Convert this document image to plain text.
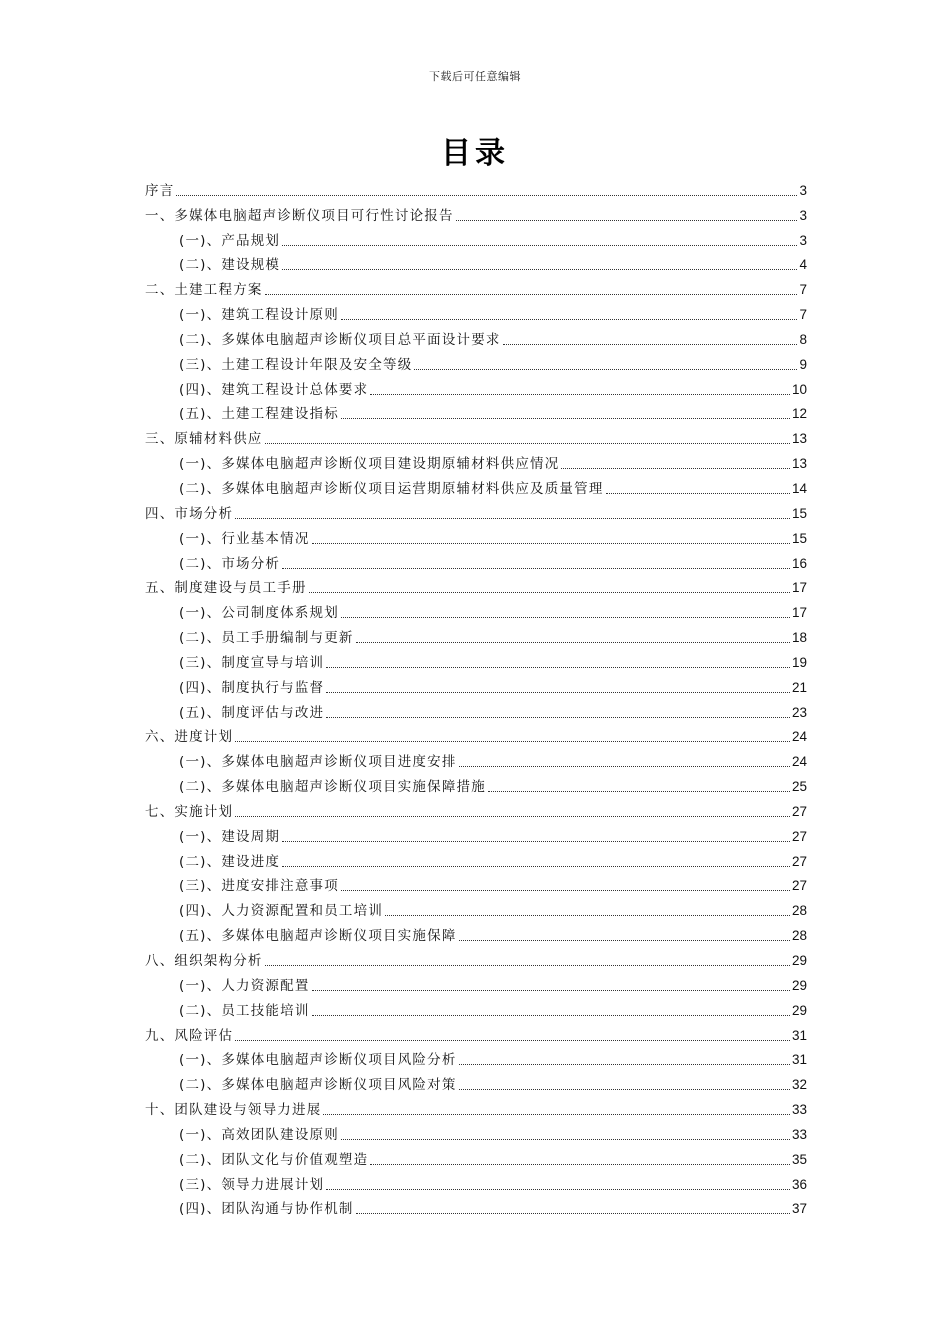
下载后可任意编辑
目录
序言	3
一、多媒体电脑超声诊断仪项目可行性讨论报告	3
(一)、产品规划	3
(二)、建设规模	4
二、土建工程方案	7
(一)、建筑工程设计原则	7
(二)、多媒体电脑超声诊断仪项目总平面设计要求	8
(三)、土建工程设计年限及安全等级	9
(四)、建筑工程设计总体要求	10
(五)、土建工程建设指标	12
三、原辅材料供应	13
(一)、多媒体电脑超声诊断仪项目建设期原辅材料供应情况	13
(二)、多媒体电脑超声诊断仪项目运营期原辅材料供应及质量管理	14
四、市场分析	15
(一)、行业基本情况	15
(二)、市场分析	16
五、制度建设与员工手册	17
(一)、公司制度体系规划	17
(二)、员工手册编制与更新	18
(三)、制度宣导与培训	19
(四)、制度执行与监督	21
(五)、制度评估与改进	23
六、进度计划	24
(一)、多媒体电脑超声诊断仪项目进度安排	24
(二)、多媒体电脑超声诊断仪项目实施保障措施	25
七、实施计划	27
(一)、建设周期	27
(二)、建设进度	27
(三)、进度安排注意事项	27
(四)、人力资源配置和员工培训	28
(五)、多媒体电脑超声诊断仪项目实施保障	28
八、组织架构分析	29
(一)、人力资源配置	29
(二)、员工技能培训	29
九、风险评估	31
(一)、多媒体电脑超声诊断仪项目风险分析	31
(二)、多媒体电脑超声诊断仪项目风险对策	32
十、团队建设与领导力进展	33
(一)、高效团队建设原则	33
(二)、团队文化与价值观塑造	35
(三)、领导力进展计划	36
(四)、团队沟通与协作机制	37
